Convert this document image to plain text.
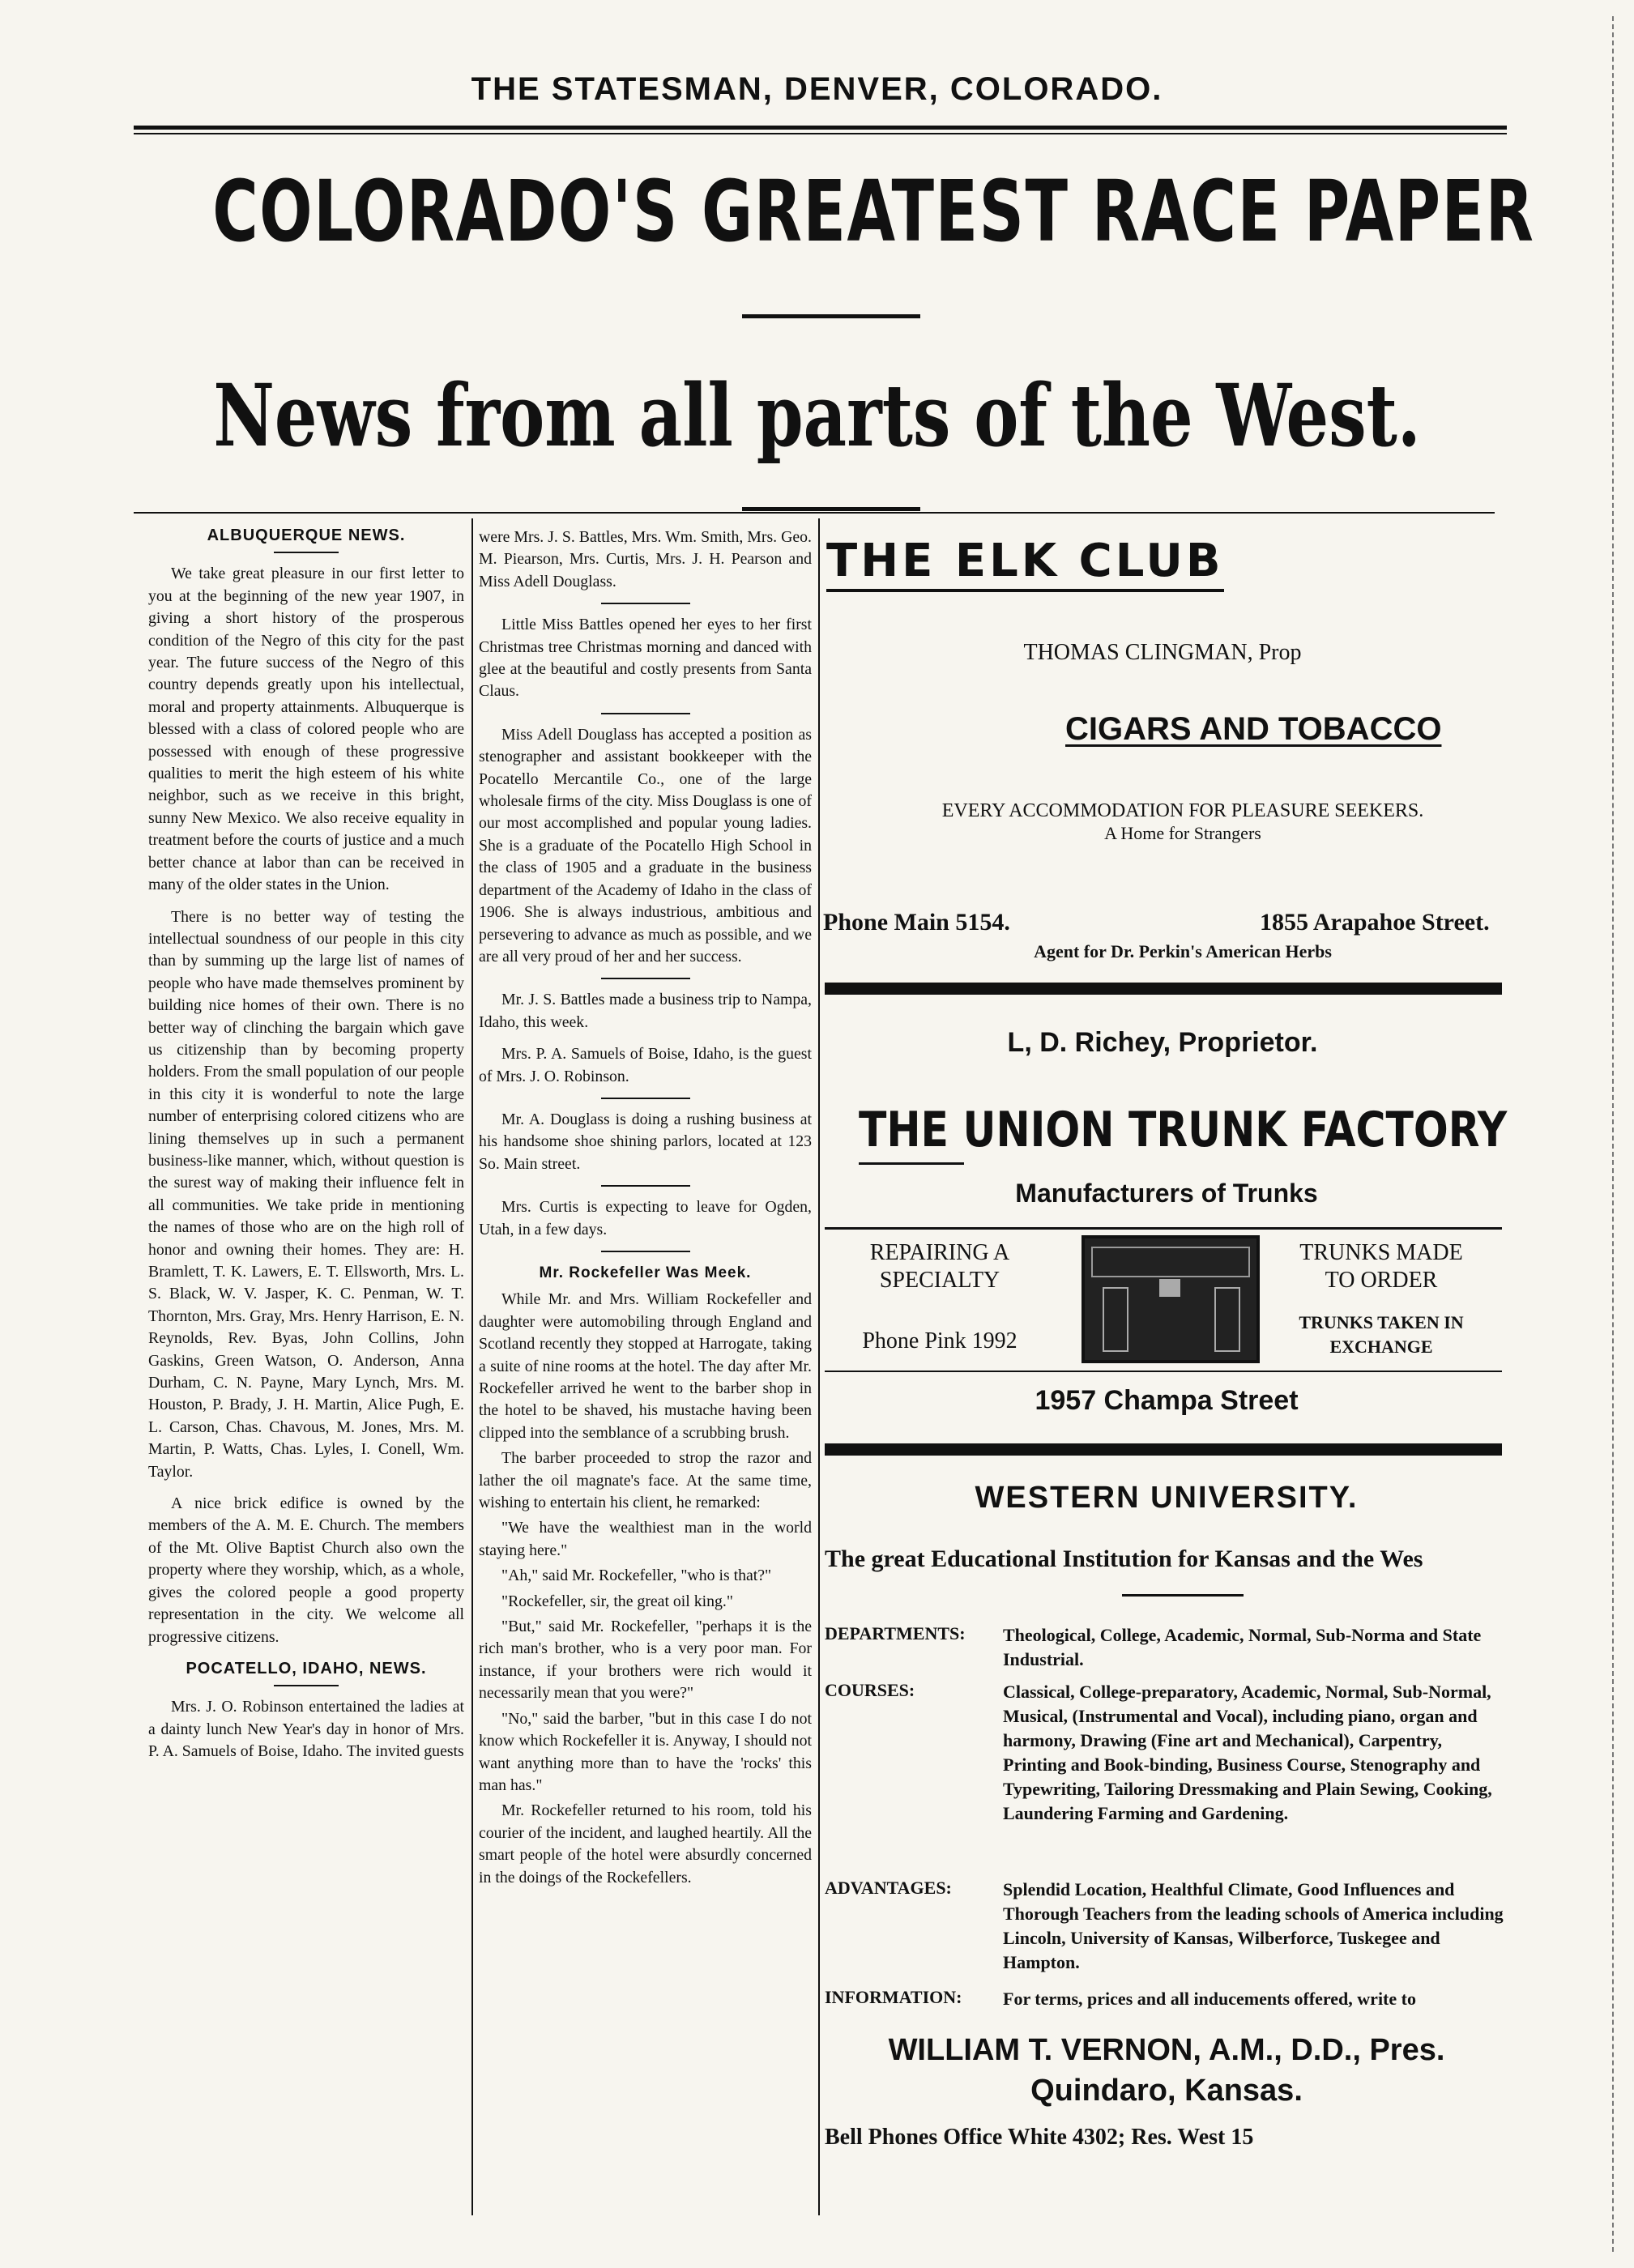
THE STATESMAN, DENVER, COLORADO.
COLORADO'S GREATEST RACE PAPER
News from all parts of the West.
ALBUQUERQUE NEWS.

We take great pleasure in our first letter to you at the beginning of the new year 1907, in giving a short history of the prosperous condition of the Negro of this city for the past year. The future success of the Negro of this country depends greatly upon his intellectual, moral and property attainments. Albuquerque is blessed with a class of colored people who are possessed with enough of these progressive qualities to merit the high esteem of his white neighbor, such as we receive in this bright, sunny New Mexico. We also receive equality in treatment before the courts of justice and a much better chance at labor than can be received in many of the older states in the Union.

There is no better way of testing the intellectual soundness of our people in this city than by summing up the large list of names of people who have made themselves prominent by building nice homes of their own. There is no better way of clinching the bargain which gave us citizenship than by becoming property holders. From the small population of our people in this city it is wonderful to note the large number of enterprising colored citizens who are lining themselves up in such a permanent business-like manner, which, without question is the surest way of making their influence felt in all communities. We take pride in mentioning the names of those who are on the high roll of honor and owning their homes. They are: H. Bramlett, T. K. Lawers, E. T. Ellsworth, Mrs. L. S. Black, W. V. Jasper, K. C. Penman, W. T. Thornton, Mrs. Gray, Mrs. Henry Harrison, E. N. Reynolds, Rev. Byas, John Collins, John Gaskins, Green Watson, O. Anderson, Anna Durham, C. N. Payne, Mary Lynch, Mrs. M. Houston, P. Brady, J. H. Martin, Alice Pugh, E. L. Carson, Chas. Chavous, M. Jones, Mrs. M. Martin, P. Watts, Chas. Lyles, I. Conell, Wm. Taylor.

A nice brick edifice is owned by the members of the A. M. E. Church. The members of the Mt. Olive Baptist Church also own the property where they worship, which, as a whole, gives the colored people a good property representation in the city. We welcome all progressive citizens.

POCATELLO, IDAHO, NEWS.

Mrs. J. O. Robinson entertained the ladies at a dainty lunch New Year's day in honor of Mrs. P. A. Samuels of Boise, Idaho. The invited guests

were Mrs. J. S. Battles, Mrs. Wm. Smith, Mrs. Geo. M. Piearson, Mrs. Curtis, Mrs. J. H. Pearson and Miss Adell Douglass.

Little Miss Battles opened her eyes to her first Christmas tree Christmas morning and danced with glee at the beautiful and costly presents from Santa Claus.

Miss Adell Douglass has accepted a position as stenographer and assistant bookkeeper with the Pocatello Mercantile Co., one of the large wholesale firms of the city. Miss Douglass is one of our most accomplished and popular young ladies. She is a graduate of the Pocatello High School in the class of 1905 and a graduate in the business department of the Academy of Idaho in the class of 1906. She is always industrious, ambitious and persevering to advance as much as possible, and we are all very proud of her and her success.

Mr. J. S. Battles made a business trip to Nampa, Idaho, this week.

Mrs. P. A. Samuels of Boise, Idaho, is the guest of Mrs. J. O. Robinson.

Mr. A. Douglass is doing a rushing business at his handsome shoe shining parlors, located at 123 So. Main street.

Mrs. Curtis is expecting to leave for Ogden, Utah, in a few days.

Mr. Rockefeller Was Meek.

While Mr. and Mrs. William Rockefeller and daughter were automobiling through England and Scotland recently they stopped at Harrogate, taking a suite of nine rooms at the hotel. The day after Mr. Rockefeller arrived he went to the barber shop in the hotel to be shaved, his mustache having been clipped into the semblance of a scrubbing brush.

The barber proceeded to strop the razor and lather the oil magnate's face. At the same time, wishing to entertain his client, he remarked:

"We have the wealthiest man in the world staying here."

"Ah," said Mr. Rockefeller, "who is that?"

"Rockefeller, sir, the great oil king."

"But," said Mr. Rockefeller, "perhaps it is the rich man's brother, who is a very poor man. For instance, if your brothers were rich would it necessarily mean that you were?"

"No," said the barber, "but in this case I do not know which Rockefeller it is. Anyway, I should not want anything more than to have the 'rocks' this man has."

Mr. Rockefeller returned to his room, told his courier of the incident, and laughed heartily. All the smart people of the hotel were absurdly concerned in the doings of the Rockefellers.

THE ELK CLUB
THOMAS CLINGMAN, Prop
CIGARS AND TOBACCO
EVERY ACCOMMODATION FOR PLEASURE SEEKERS.
A Home for Strangers
Phone Main 5154.	1855 Arapahoe Street.
Agent for Dr. Perkin's American Herbs
L, D. Richey, Proprietor.
THE UNION TRUNK FACTORY
Manufacturers of Trunks
REPAIRING A
SPECIALTY
Phone Pink 1992
TRUNKS MADE
TO ORDER
TRUNKS TAKEN IN
EXCHANGE
1957 Champa Street
WESTERN UNIVERSITY.
The great Educational Institution for Kansas and the Wes
DEPARTMENTS: Theological, College, Academic, Normal, Sub-Norma and State Industrial.
COURSES:	Classical, College-preparatory, Academic, Normal, Sub-Normal, Musical, (Instrumental and Vocal), including piano, organ and harmony, Drawing (Fine art and Mechanical), Carpentry, Printing and Book-binding, Business Course, Stenography and Typewriting, Tailoring Dressmaking and Plain Sewing, Cooking, Laundering Farming and Gardening.
ADVANTAGES:	Splendid Location, Healthful Climate, Good Influences and Thorough Teachers from the leading schools of America including Lincoln, University of Kansas, Wilberforce, Tuskegee and Hampton.
INFORMATION: For terms, prices and all inducements offered, write to
WILLIAM T. VERNON, A.M., D.D., Pres.
Quindaro, Kansas.
Bell Phones Office White 4302; Res. West 15
